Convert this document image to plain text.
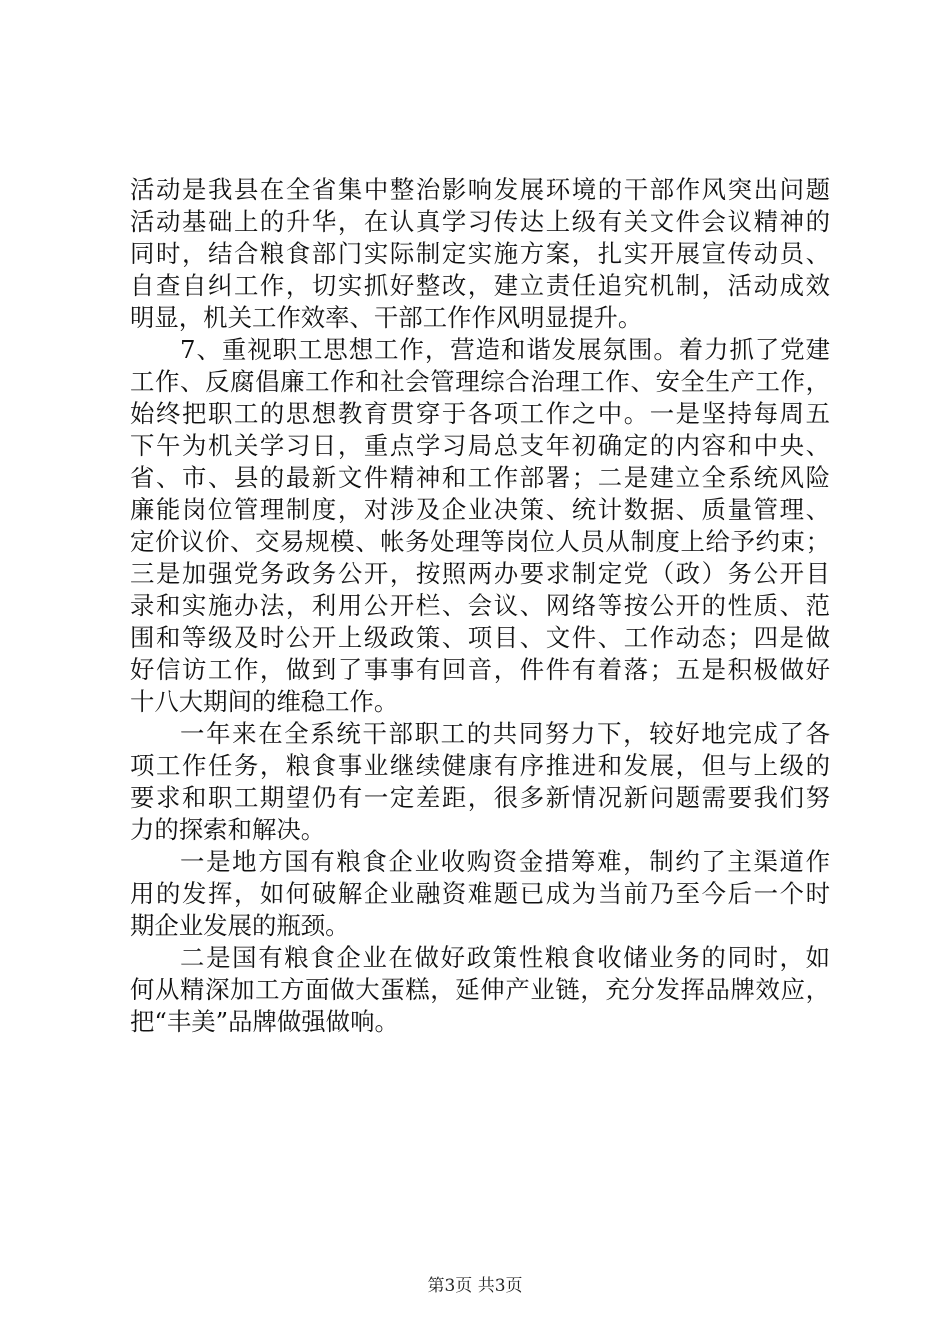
活动是我县在全省集中整治影响发展环境的干部作风突出问题
活动基础上的升华，在认真学习传达上级有关文件会议精神的
同时，结合粮食部门实际制定实施方案，扎实开展宣传动员、
自查自纠工作，切实抓好整改，建立责任追究机制，活动成效
明显，机关工作效率、干部工作作风明显提升。
7、重视职工思想工作，营造和谐发展氛围。着力抓了党建
工作、反腐倡廉工作和社会管理综合治理工作、安全生产工作，
始终把职工的思想教育贯穿于各项工作之中。一是坚持每周五
下午为机关学习日，重点学习局总支年初确定的内容和中央、
省、市、县的最新文件精神和工作部署；二是建立全系统风险
廉能岗位管理制度，对涉及企业决策、统计数据、质量管理、
定价议价、交易规模、帐务处理等岗位人员从制度上给予约束；
三是加强党务政务公开，按照两办要求制定党（政）务公开目
录和实施办法，利用公开栏、会议、网络等按公开的性质、范
围和等级及时公开上级政策、项目、文件、工作动态；四是做
好信访工作，做到了事事有回音，件件有着落；五是积极做好
十八大期间的维稳工作。
一年来在全系统干部职工的共同努力下，较好地完成了各
项工作任务，粮食事业继续健康有序推进和发展，但与上级的
要求和职工期望仍有一定差距，很多新情况新问题需要我们努
力的探索和解决。
一是地方国有粮食企业收购资金措筹难，制约了主渠道作
用的发挥，如何破解企业融资难题已成为当前乃至今后一个时
期企业发展的瓶颈。
二是国有粮食企业在做好政策性粮食收储业务的同时，如
何从精深加工方面做大蛋糕，延伸产业链，充分发挥品牌效应，
把“丰美”品牌做强做响。
第3页 共3页
